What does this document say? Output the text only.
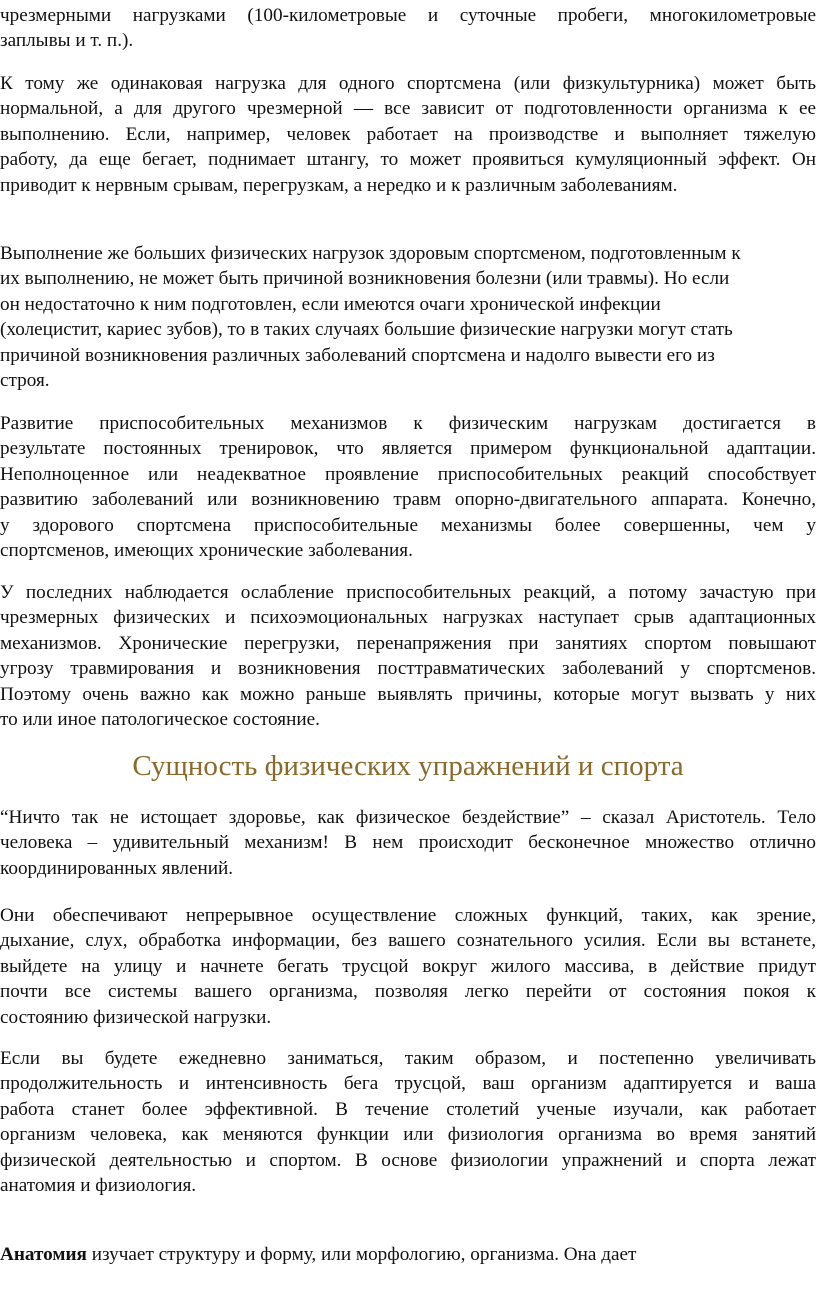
чрезмерными нагрузками (100-километровые и суточные пробеги, многокилометровые
заплывы и т. п.).
К тому же одинаковая нагрузка для одного спортсмена (или физкультурника) может быть
нормальной, а для другого чрезмерной — все зависит от подготовленности организма к ее
выполнению. Если, например, человек работает на производстве и выполняет тяжелую
работу, да еще бегает, поднимает штангу, то может проявиться кумуляционный эффект. Он
приводит к нервным срывам, перегрузкам, а нередко и к различным заболеваниям.
Выполнение же больших физических нагрузок здоровым спортсменом, подготовленным к
их выполнению, не может быть причиной возникновения болезни (или травмы). Но если
он недостаточно к ним подготовлен, если имеются очаги хронической инфекции
(холецистит, кариес зубов), то в таких случаях большие физические нагрузки могут стать
причиной возникновения различных заболеваний спортсмена и надолго вывести его из
строя.
Развитие приспособительных механизмов к физическим нагрузкам достигается в
результате постоянных тренировок, что является примером функциональной адаптации.
Неполноценное или неадекватное проявление приспособительных реакций способствует
развитию заболеваний или возникновению травм опорно-двигательного аппарата. Конечно,
у здорового спортсмена приспособительные механизмы более совершенны, чем у
спортсменов, имеющих хронические заболевания.
У последних наблюдается ослабление приспособительных реакций, а потому зачастую при
чрезмерных физических и психоэмоциональных нагрузках наступает срыв адаптационных
механизмов. Хронические перегрузки, перенапряжения при занятиях спортом повышают
угрозу травмирования и возникновения посттравматических заболеваний у спортсменов.
Поэтому очень важно как можно раньше выявлять причины, которые могут вызвать у них
то или иное патологическое состояние.
Сущность физических упражнений и спорта
“Ничто так не истощает здоровье, как физическое бездействие” – сказал Аристотель. Тело
человека – удивительный механизм! В нем происходит бесконечное множество отлично
координированных явлений.
Они обеспечивают непрерывное осуществление сложных функций, таких, как зрение,
дыхание, слух, обработка информации, без вашего сознательного усилия. Если вы встанете,
выйдете на улицу и начнете бегать трусцой вокруг жилого массива, в действие придут
почти все системы вашего организма, позволяя легко перейти от состояния покоя к
состоянию физической нагрузки.
Если вы будете ежедневно заниматься, таким образом, и постепенно увеличивать
продолжительность и интенсивность бега трусцой, ваш организм адаптируется и ваша
работа станет более эффективной. В течение столетий ученые изучали, как работает
организм человека, как меняются функции или физиология организма во время занятий
физической деятельностью и спортом. В основе физиологии упражнений и спорта лежат
анатомия и физиология.
Анатомия изучает структуру и форму, или морфологию, организма. Она дает
